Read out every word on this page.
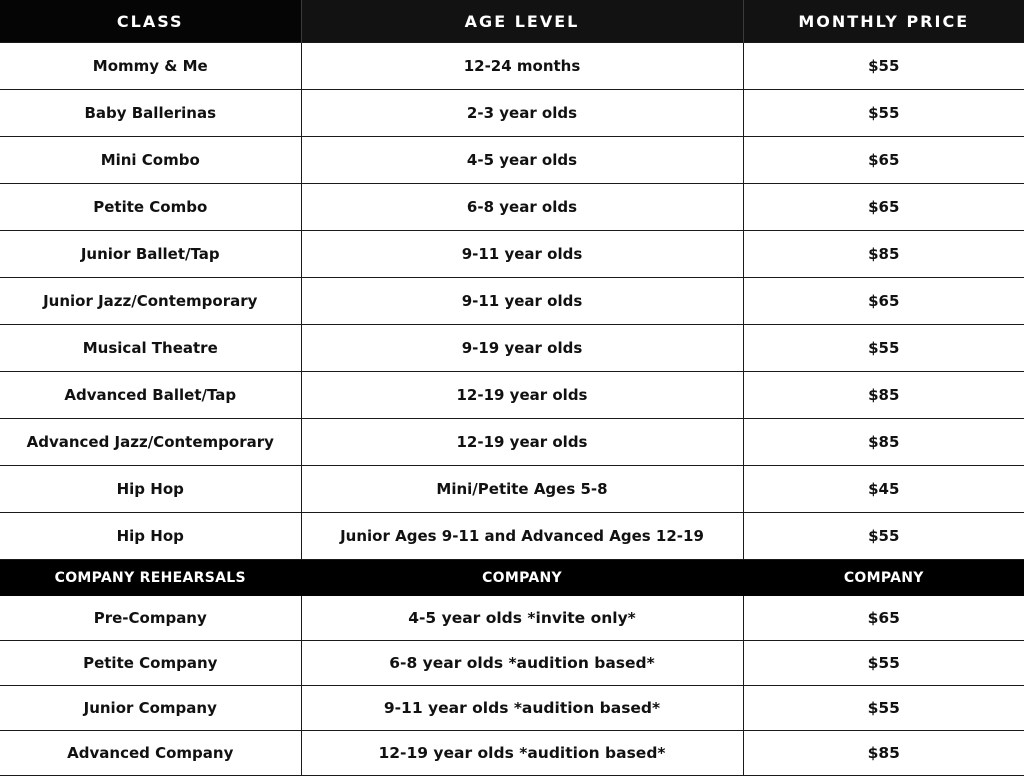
CLASS	AGE LEVEL	MONTHLY PRICE
Mommy & Me	12-24 months	$55
Baby Ballerinas	2-3 year olds	$55
Mini Combo	4-5 year olds	$65
Petite Combo	6-8 year olds	$65
Junior Ballet/Tap	9-11 year olds	$85
Junior Jazz/Contemporary	9-11 year olds	$65
Musical Theatre	9-19 year olds	$55
Advanced Ballet/Tap	12-19 year olds	$85
Advanced Jazz/Contemporary	12-19 year olds	$85
Hip Hop	Mini/Petite Ages 5-8	$45
Hip Hop	Junior Ages 9-11 and Advanced Ages 12-19	$55
COMPANY REHEARSALS	COMPANY	COMPANY
Pre-Company	4-5 year olds *invite only*	$65
Petite Company	6-8 year olds *audition based*	$55
Junior Company	9-11 year olds *audition based*	$55
Advanced Company	12-19 year olds *audition based*	$85
